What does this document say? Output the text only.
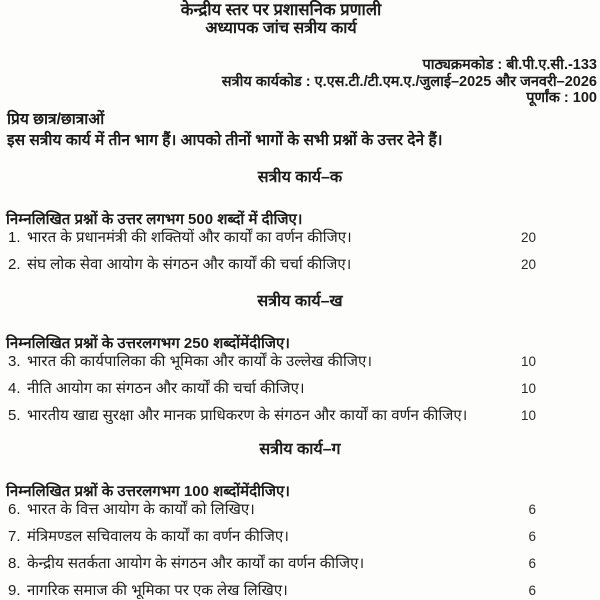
केन्द्रीय स्तर पर प्रशासनिक प्रणाली
अध्यापक जांच सत्रीय कार्य
पाठ्यक्रमकोड : बी.पी.ए.सी.-133
सत्रीय कार्यकोड : ए.एस.टी./टी.एम.ए./जुलाई–2025 और जनवरी–2026
पूर्णांक : 100
प्रिय छात्र/छात्राओं
इस सत्रीय कार्य में तीन भाग हैं। आपको तीनों भागों के सभी प्रश्नों के उत्तर देने हैं।
सत्रीय कार्य–क
निम्नलिखित प्रश्नों के उत्तर लगभग 500 शब्दों में दीजिए।
1. भारत के प्रधानमंत्री की शक्तियों और कार्यों का वर्णन कीजिए।	20
2. संघ लोक सेवा आयोग के संगठन और कार्यों की चर्चा कीजिए।	20
सत्रीय कार्य–ख
निम्नलिखित प्रश्नों के उत्तरलगभग 250 शब्दोंमेंदीजिए।
3. भारत की कार्यपालिका की भूमिका और कार्यों के उल्लेख कीजिए।	10
4. नीति आयोग का संगठन और कार्यों की चर्चा कीजिए।	10
5. भारतीय खाद्य सुरक्षा और मानक प्राधिकरण के संगठन और कार्यों का वर्णन कीजिए।	10
सत्रीय कार्य–ग
निम्नलिखित प्रश्नों के उत्तरलगभग 100 शब्दोंमेंदीजिए।
6. भारत के वित्त आयोग के कार्यों को लिखिए।	6
7. मंत्रिमण्डल सचिवालय के कार्यों का वर्णन कीजिए।	6
8. केन्द्रीय सतर्कता आयोग के संगठन और कार्यों का वर्णन कीजिए।	6
9. नागरिक समाज की भूमिका पर एक लेख लिखिए।	6
